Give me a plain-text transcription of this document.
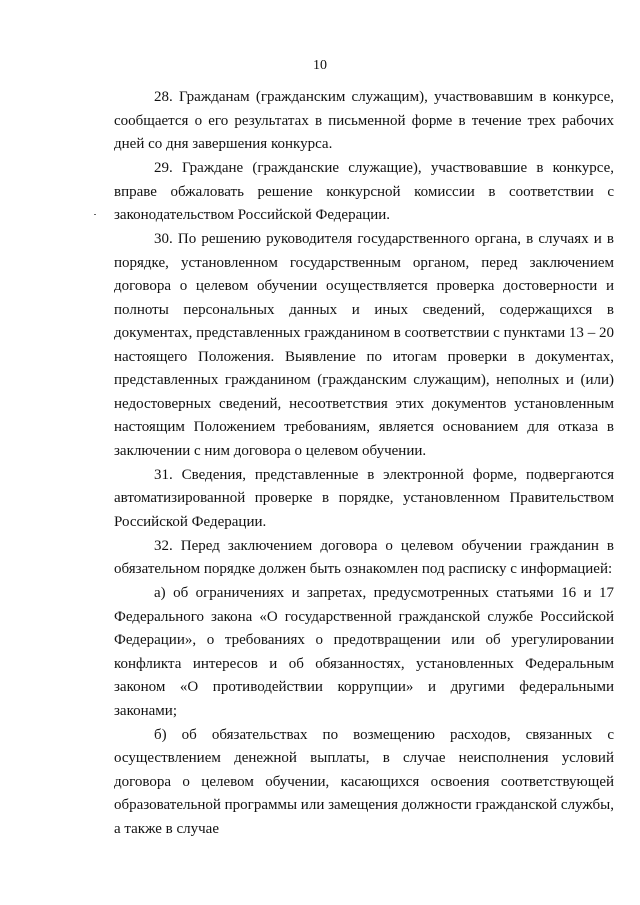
10

28. Гражданам (гражданским служащим), участвовавшим в конкурсе, сообщается о его результатах в письменной форме в течение трех рабочих дней со дня завершения конкурса.

29. Граждане (гражданские служащие), участвовавшие в конкурсе, вправе обжаловать решение конкурсной комиссии в соответствии с законодательством Российской Федерации.

30. По решению руководителя государственного органа, в случаях и в порядке, установленном государственным органом, перед заключением договора о целевом обучении осуществляется проверка достоверности и полноты персональных данных и иных сведений, содержащихся в документах, представленных гражданином в соответствии с пунктами 13 – 20 настоящего Положения. Выявление по итогам проверки в документах, представленных гражданином (гражданским служащим), неполных и (или) недостоверных сведений, несоответствия этих документов установленным настоящим Положением требованиям, является основанием для отказа в заключении с ним договора о целевом обучении.

31. Сведения, представленные в электронной форме, подвергаются автоматизированной проверке в порядке, установленном Правительством Российской Федерации.

32. Перед заключением договора о целевом обучении гражданин в обязательном порядке должен быть ознакомлен под расписку с информацией:

а) об ограничениях и запретах, предусмотренных статьями 16 и 17 Федерального закона «О государственной гражданской службе Российской Федерации», о требованиях о предотвращении или об урегулировании конфликта интересов и об обязанностях, установленных Федеральным законом «О противодействии коррупции» и другими федеральными законами;

б) об обязательствах по возмещению расходов, связанных с осуществлением денежной выплаты, в случае неисполнения условий договора о целевом обучении, касающихся освоения соответствующей образовательной программы или замещения должности гражданской службы, а также в случае
